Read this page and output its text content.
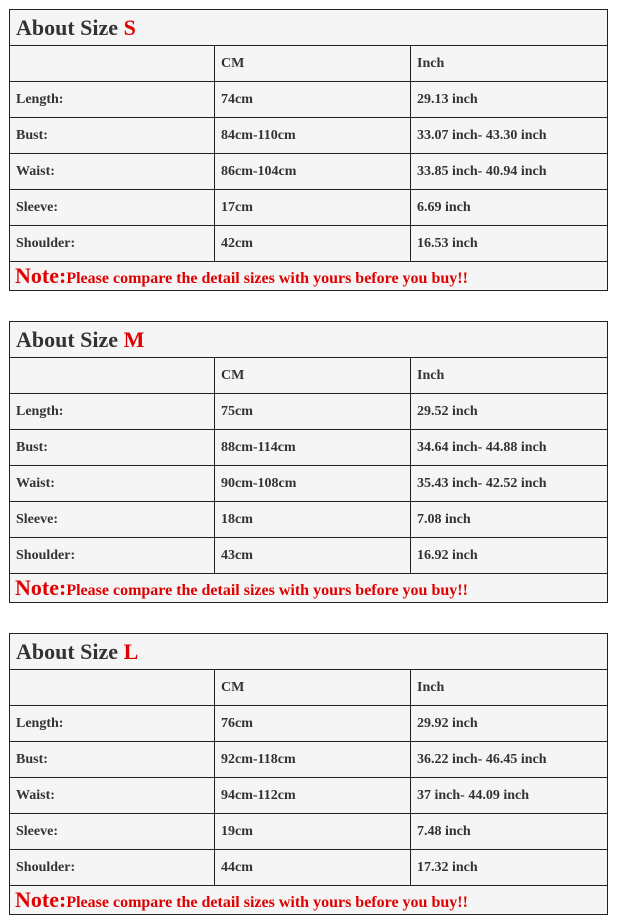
About Size S		
	CM	Inch
Length:	74cm	29.13 inch
Bust:	84cm-110cm	33.07 inch- 43.30 inch
Waist:	86cm-104cm	33.85 inch- 40.94 inch
Sleeve:	17cm	6.69 inch
Shoulder:	42cm	16.53 inch
Note:Please compare the detail sizes with yours before you buy!!		
About Size M		
	CM	Inch
Length:	75cm	29.52 inch
Bust:	88cm-114cm	34.64 inch- 44.88 inch
Waist:	90cm-108cm	35.43 inch- 42.52 inch
Sleeve:	18cm	7.08 inch
Shoulder:	43cm	16.92 inch
Note:Please compare the detail sizes with yours before you buy!!		
About Size L		
	CM	Inch
Length:	76cm	29.92 inch
Bust:	92cm-118cm	36.22 inch- 46.45 inch
Waist:	94cm-112cm	37 inch- 44.09 inch
Sleeve:	19cm	7.48 inch
Shoulder:	44cm	17.32 inch
Note:Please compare the detail sizes with yours before you buy!!		
